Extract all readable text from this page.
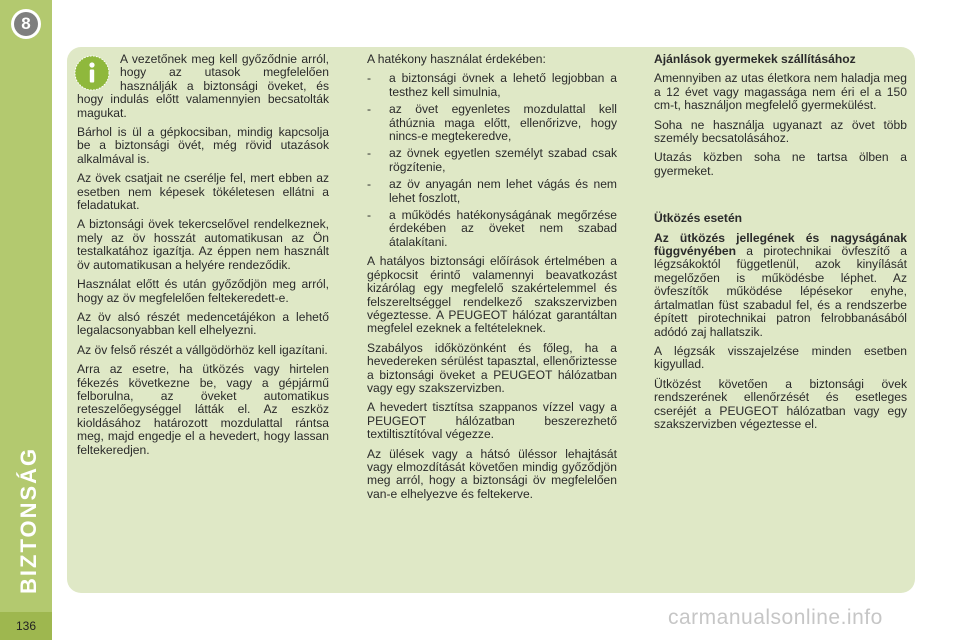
8
BIZTONSÁG
136

A vezetőnek meg kell győződnie arról, hogy az utasok megfelelően használják a biztonsági öveket, és hogy indulás előtt valamennyien becsatolták magukat.

Bárhol is ül a gépkocsiban, mindig kapcsolja be a biztonsági övét, még rövid utazások alkalmával is.

Az övek csatjait ne cserélje fel, mert ebben az esetben nem képesek tökéletesen ellátni a feladatukat.

A biztonsági övek tekercselővel rendelkeznek, mely az öv hosszát automatikusan az Ön testalkatához igazítja. Az éppen nem használt öv automatikusan a helyére rendeződik.

Használat előtt és után győződjön meg arról, hogy az öv megfelelően feltekeredett-e.

Az öv alsó részét medencetájékon a lehető legalacsonyabban kell elhelyezni.

Az öv felső részét a vállgödörhöz kell igazítani.

Arra az esetre, ha ütközés vagy hirtelen fékezés következne be, vagy a gépjármű felborulna, az öveket automatikus reteszelőegységgel látták el. Az eszköz kioldásához határozott mozdulattal rántsa meg, majd engedje el a hevedert, hogy lassan feltekeredjen.

A hatékony használat érdekében:

- a biztonsági övnek a lehető legjobban a testhez kell simulnia,
- az övet egyenletes mozdulattal kell áthúznia maga előtt, ellenőrizve, hogy nincs-e megtekeredve,
- az övnek egyetlen személyt szabad csak rögzítenie,
- az öv anyagán nem lehet vágás és nem lehet foszlott,
- a működés hatékonyságának megőrzése érdekében az öveket nem szabad átalakítani.

A hatályos biztonsági előírások értelmében a gépkocsit érintő valamennyi beavatkozást kizárólag egy megfelelő szakértelemmel és felszereltséggel rendelkező szakszervizben végeztesse. A PEUGEOT hálózat garantáltan megfelel ezeknek a feltételeknek.

Szabályos időközönként és főleg, ha a hevedereken sérülést tapasztal, ellenőriztesse a biztonsági öveket a PEUGEOT hálózatban vagy egy szakszervizben.

A hevedert tisztítsa szappanos vízzel vagy a PEUGEOT hálózatban beszerezhető textiltisztítóval végezze.

Az ülések vagy a hátsó üléssor lehajtását vagy elmozdítását követően mindig győződjön meg arról, hogy a biztonsági öv megfelelően van-e elhelyezve és feltekerve.

Ajánlások gyermekek szállításához

Amennyiben az utas életkora nem haladja meg a 12 évet vagy magassága nem éri el a 150 cm-t, használjon megfelelő gyermekülést.

Soha ne használja ugyanazt az övet több személy becsatolásához.

Utazás közben soha ne tartsa ölben a gyermeket.

Ütközés esetén

Az ütközés jellegének és nagyságának függvényében a pirotechnikai övfeszítő a légzsákoktól függetlenül, azok kinyílását megelőzően is működésbe léphet. Az övfeszítők működése lépésekor enyhe, ártalmatlan füst szabadul fel, és a rendszerbe épített pirotechnikai patron felrobbanásából adódó zaj hallatszik.

A légzsák visszajelzése minden esetben kigyullad.

Ütközést követően a biztonsági övek rendszerének ellenőrzését és esetleges cseréjét a PEUGEOT hálózatban vagy egy szakszervizben végeztesse el.

carmanualsonline.info
